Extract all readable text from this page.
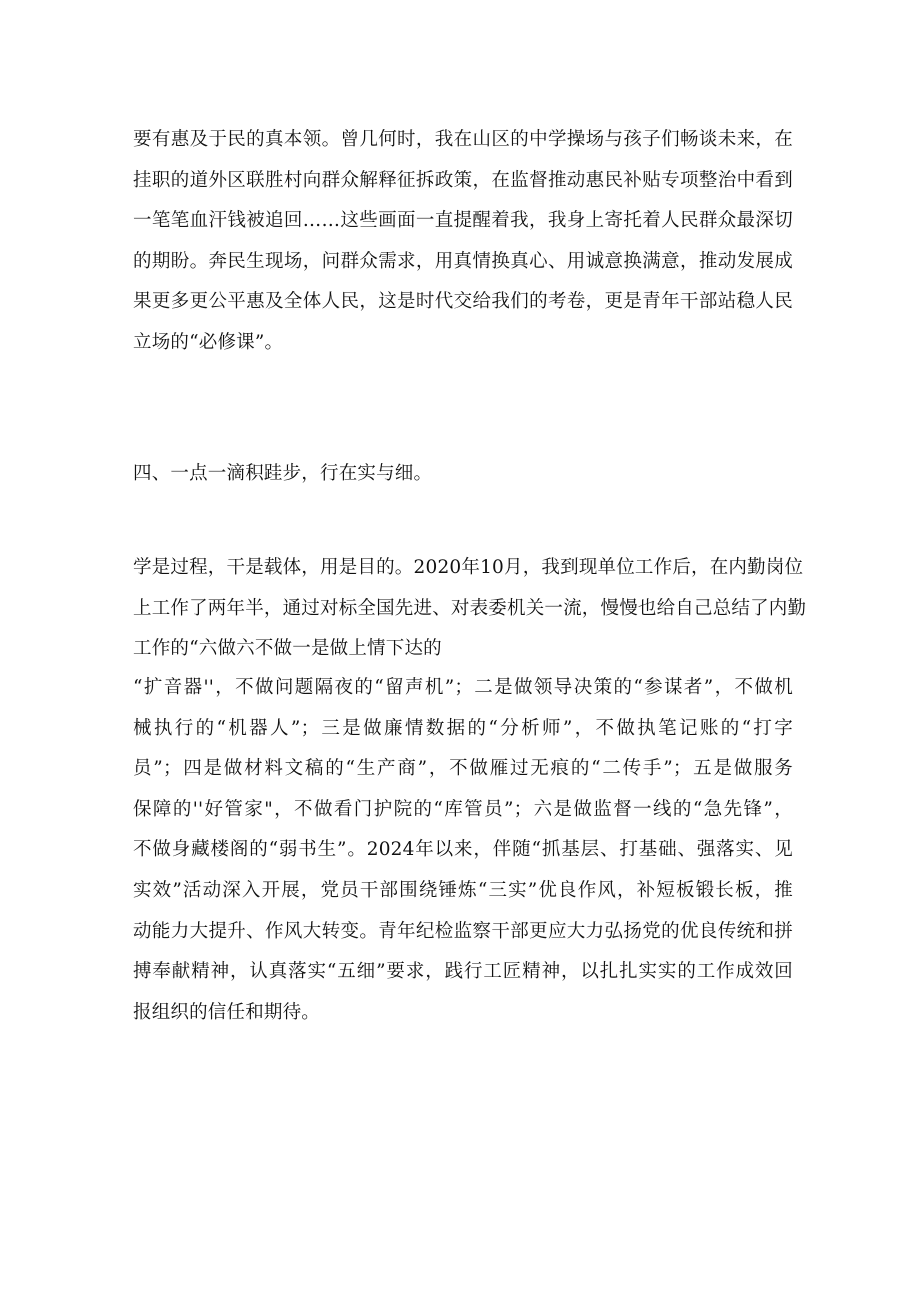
要有惠及于民的真本领。曾几何时，我在山区的中学操场与孩子们畅谈未来，在
挂职的道外区联胜村向群众解释征拆政策，在监督推动惠民补贴专项整治中看到
一笔笔血汗钱被追回……这些画面一直提醒着我，我身上寄托着人民群众最深切
的期盼。奔民生现场，问群众需求，用真情换真心、用诚意换满意，推动发展成
果更多更公平惠及全体人民，这是时代交给我们的考卷，更是青年干部站稳人民
立场的“必修课”。

四、一点一滴积跬步，行在实与细。

学是过程，干是载体，用是目的。2020年10月，我到现单位工作后，在内勤岗位
上工作了两年半，通过对标全国先进、对表委机关一流，慢慢也给自己总结了内勤
工作的“六做六不做一是做上情下达的

“扩音器''，不做问题隔夜的“留声机”；二是做领导决策的“参谋者”，不做机
械执行的“机器人”；三是做廉情数据的“分析师”，不做执笔记账的“打字
员”；四是做材料文稿的“生产商”，不做雁过无痕的“二传手”；五是做服务
保障的''好管家"，不做看门护院的“库管员”；六是做监督一线的“急先锋”，
不做身藏楼阁的“弱书生”。2024年以来，伴随“抓基层、打基础、强落实、见
实效”活动深入开展，党员干部围绕锤炼“三实”优良作风，补短板锻长板，推
动能力大提升、作风大转变。青年纪检监察干部更应大力弘扬党的优良传统和拼
搏奉献精神，认真落实“五细”要求，践行工匠精神，以扎扎实实的工作成效回
报组织的信任和期待。
